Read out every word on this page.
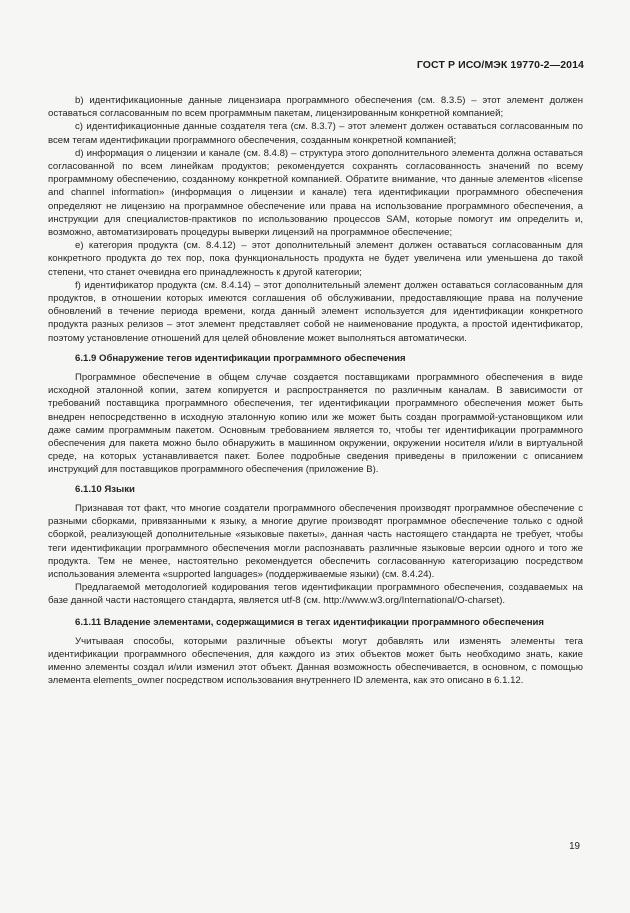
ГОСТ Р ИСО/МЭК 19770-2—2014

b) идентификационные данные лицензиара программного обеспечения (см. 8.3.5) – этот элемент должен оставаться согласованным по всем программным пакетам, лицензированным конкретной компанией;

c) идентификационные данные создателя тега (см. 8.3.7) – этот элемент должен оставаться согласованным по всем тегам идентификации программного обеспечения, созданным конкретной компанией;

d) информация о лицензии и канале (см. 8.4.8) – структура этого дополнительного элемента должна оставаться согласованной по всем линейкам продуктов; рекомендуется сохранять согласованность значений по всему программному обеспечению, созданному конкретной компанией. Обратите внимание, что данные элементов «license and channel information» (информация о лицензии и канале) тега идентификации программного обеспечения определяют не лицензию на программное обеспечение или права на использование программного обеспечения, а инструкции для специалистов-практиков по использованию процессов SAM, которые помогут им определить и, возможно, автоматизировать процедуры выверки лицензий на программное обеспечение;

e) категория продукта (см. 8.4.12) – этот дополнительный элемент должен оставаться согласованным для конкретного продукта до тех пор, пока функциональность продукта не будет увеличена или уменьшена до такой степени, что станет очевидна его принадлежность к другой категории;

f) идентификатор продукта (см. 8.4.14) – этот дополнительный элемент должен оставаться согласованным для продуктов, в отношении которых имеются соглашения об обслуживании, предоставляющие права на получение обновлений в течение периода времени, когда данный элемент используется для идентификации конкретного продукта разных релизов – этот элемент представляет собой не наименование продукта, а простой идентификатор, поэтому установление отношений для целей обновление может выполняться автоматически.

6.1.9 Обнаружение тегов идентификации программного обеспечения

Программное обеспечение в общем случае создается поставщиками программного обеспечения в виде исходной эталонной копии, затем копируется и распространяется по различным каналам. В зависимости от требований поставщика программного обеспечения, тег идентификации программного обеспечения может быть внедрен непосредственно в исходную эталонную копию или же может быть создан программой-установщиком или даже самим программным пакетом. Основным требованием является то, чтобы тег идентификации программного обеспечения для пакета можно было обнаружить в машинном окружении, окружении носителя и/или в виртуальной среде, на которых устанавливается пакет. Более подробные сведения приведены в приложении с описанием инструкций для поставщиков программного обеспечения (приложение В).

6.1.10 Языки

Признавая тот факт, что многие создатели программного обеспечения производят программное обеспечение с разными сборками, привязанными к языку, а многие другие производят программное обеспечение только с одной сборкой, реализующей дополнительные «языковые пакеты», данная часть настоящего стандарта не требует, чтобы теги идентификации программного обеспечения могли распознавать различные языковые версии одного и того же продукта. Тем не менее, настоятельно рекомендуется обеспечить согласованную категоризацию посредством использования элемента «supported languages» (поддерживаемые языки) (см. 8.4.24).

Предлагаемой методологией кодирования тегов идентификации программного обеспечения, создаваемых на базе данной части настоящего стандарта, является utf-8 (см. http://www.w3.org/International/O-charset).

6.1.11 Владение элементами, содержащимися в тегах идентификации программного обеспечения

Учитываая способы, которыми различные объекты могут добавлять или изменять элементы тега идентификации программного обеспечения, для каждого из этих объектов может быть необходимо знать, какие именно элементы создал и/или изменил этот объект. Данная возможность обеспечивается, в основном, с помощью элемента elements_owner посредством использования внутреннего ID элемента, как это описано в 6.1.12.

19
